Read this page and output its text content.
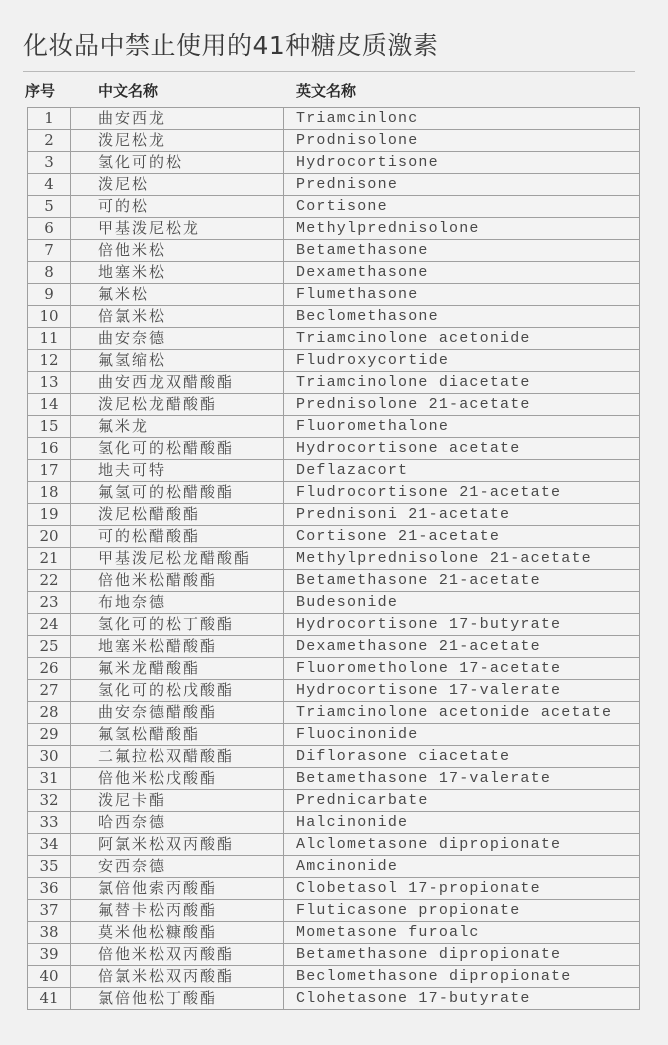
化妆品中禁止使用的41种糖皮质激素
序号	中文名称	英文名称
1	曲安西龙	Triamcinlonc
2	泼尼松龙	Prodnisolone
3	氢化可的松	Hydrocortisone
4	泼尼松	Prednisone
5	可的松	Cortisone
6	甲基泼尼松龙	Methylprednisolone
7	倍他米松	Betamethasone
8	地塞米松	Dexamethasone
9	氟米松	Flumethasone
10	倍氯米松	Beclomethasone
11	曲安奈德	Triamcinolone acetonide
12	氟氢缩松	Fludroxycortide
13	曲安西龙双醋酸酯	Triamcinolone diacetate
14	泼尼松龙醋酸酯	Prednisolone 21-acetate
15	氟米龙	Fluoromethalone
16	氢化可的松醋酸酯	Hydrocortisone acetate
17	地夫可特	Deflazacort
18	氟氢可的松醋酸酯	Fludrocortisone 21-acetate
19	泼尼松醋酸酯	Prednisoni 21-acetate
20	可的松醋酸酯	Cortisone 21-acetate
21	甲基泼尼松龙醋酸酯	Methylprednisolone 21-acetate
22	倍他米松醋酸酯	Betamethasone 21-acetate
23	布地奈德	Budesonide
24	氢化可的松丁酸酯	Hydrocortisone 17-butyrate
25	地塞米松醋酸酯	Dexamethasone 21-acetate
26	氟米龙醋酸酯	Fluorometholone 17-acetate
27	氢化可的松戊酸酯	Hydrocortisone 17-valerate
28	曲安奈德醋酸酯	Triamcinolone acetonide acetate
29	氟氢松醋酸酯	Fluocinonide
30	二氟拉松双醋酸酯	Diflorasone ciacetate
31	倍他米松戊酸酯	Betamethasone 17-valerate
32	泼尼卡酯	Prednicarbate
33	哈西奈德	Halcinonide
34	阿氯米松双丙酸酯	Alclometasone dipropionate
35	安西奈德	Amcinonide
36	氯倍他索丙酸酯	Clobetasol 17-propionate
37	氟替卡松丙酸酯	Fluticasone propionate
38	莫米他松糠酸酯	Mometasone furoalc
39	倍他米松双丙酸酯	Betamethasone dipropionate
40	倍氯米松双丙酸酯	Beclomethasone dipropionate
41	氯倍他松丁酸酯	Clohetasone 17-butyrate
